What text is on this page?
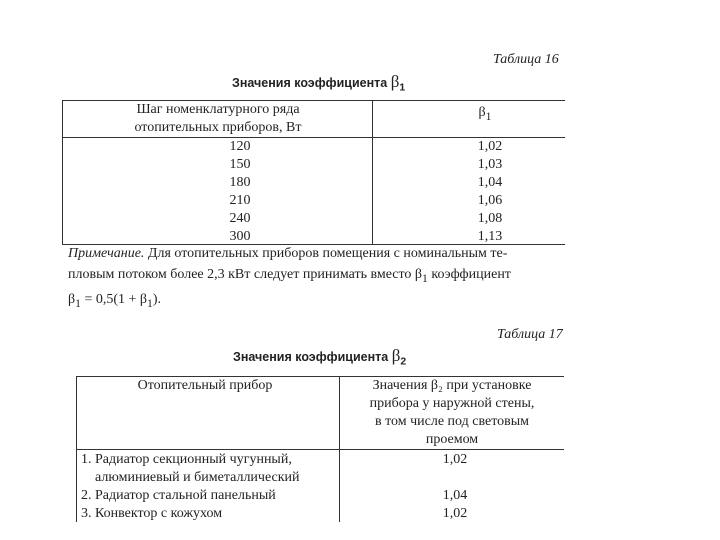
Таблица 16
Значения коэффициента $\beta_1$
Шаг номенклатурного ряда
отопительных приборов, Вт
$\beta_1$
120
150
180
210
240
300
1,02
1,03
1,04
1,06
1,08
1,13
Примечание. Для отопительных приборов помещения с номинальным те-
пловым потоком более 2,3 кВт следует принимать вместо $\beta_1$ коэффициент
$\beta_1 = 0,5(1 + \beta_1)$.
Таблица 17
Значения коэффициента $\beta_2$
Отопительный прибор	Значения β₂ при установке
прибора у наружной стены,
в том числе под световым
проемом
1. Радиатор секционный чугунный,
алюминиевый и биметаллический
2. Радиатор стальной панельный
3. Конвектор с кожухом
1,02

1,04
1,02
